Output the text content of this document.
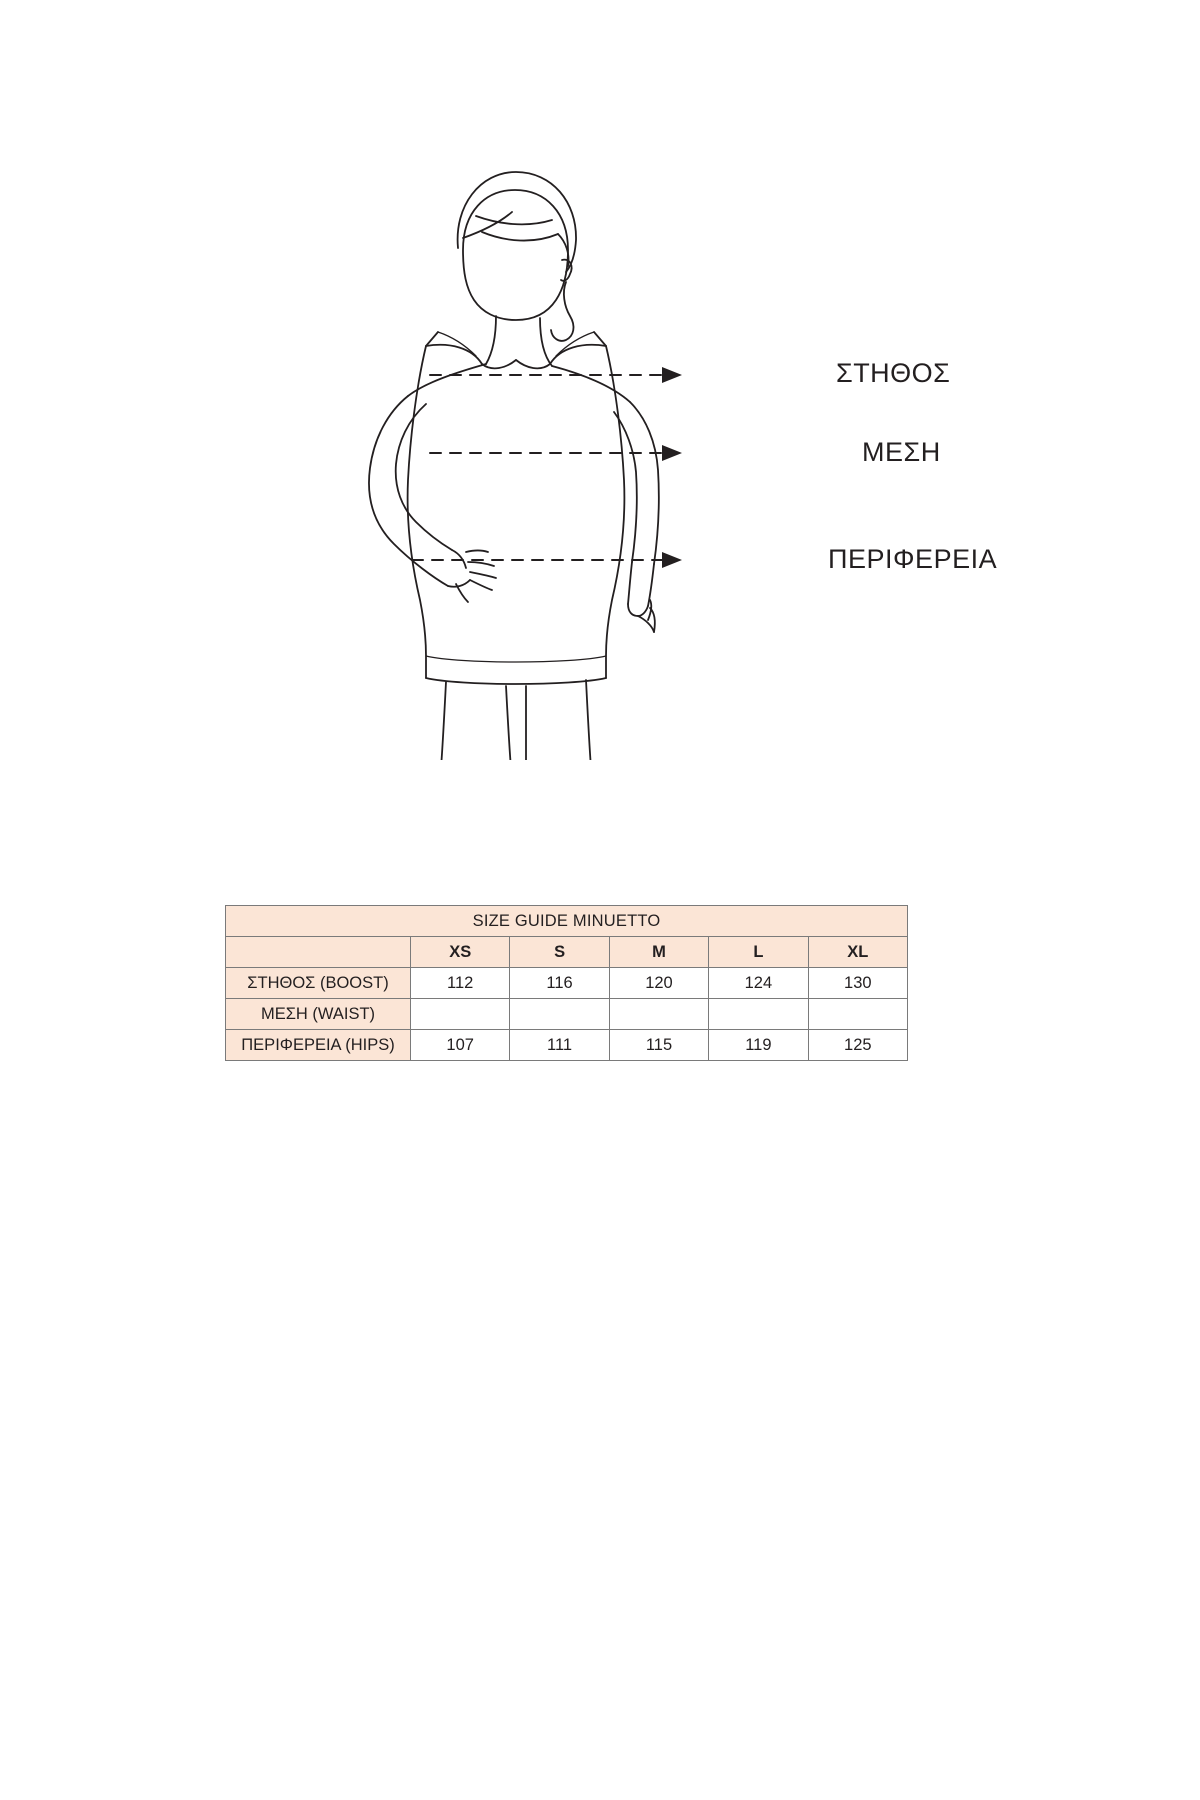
ΣΤΗΘΟΣ
ΜΕΣΗ
ΠΕΡΙΦΕΡΕΙΑ
SIZE GUIDE MINUETTO					
	XS	S	M	L	XL
ΣΤΗΘΟΣ (BOOST)	112	116	120	124	130
ΜΕΣΗ (WAIST)					
ΠΕΡΙΦΕΡΕΙΑ (HIPS)	107	111	115	119	125
